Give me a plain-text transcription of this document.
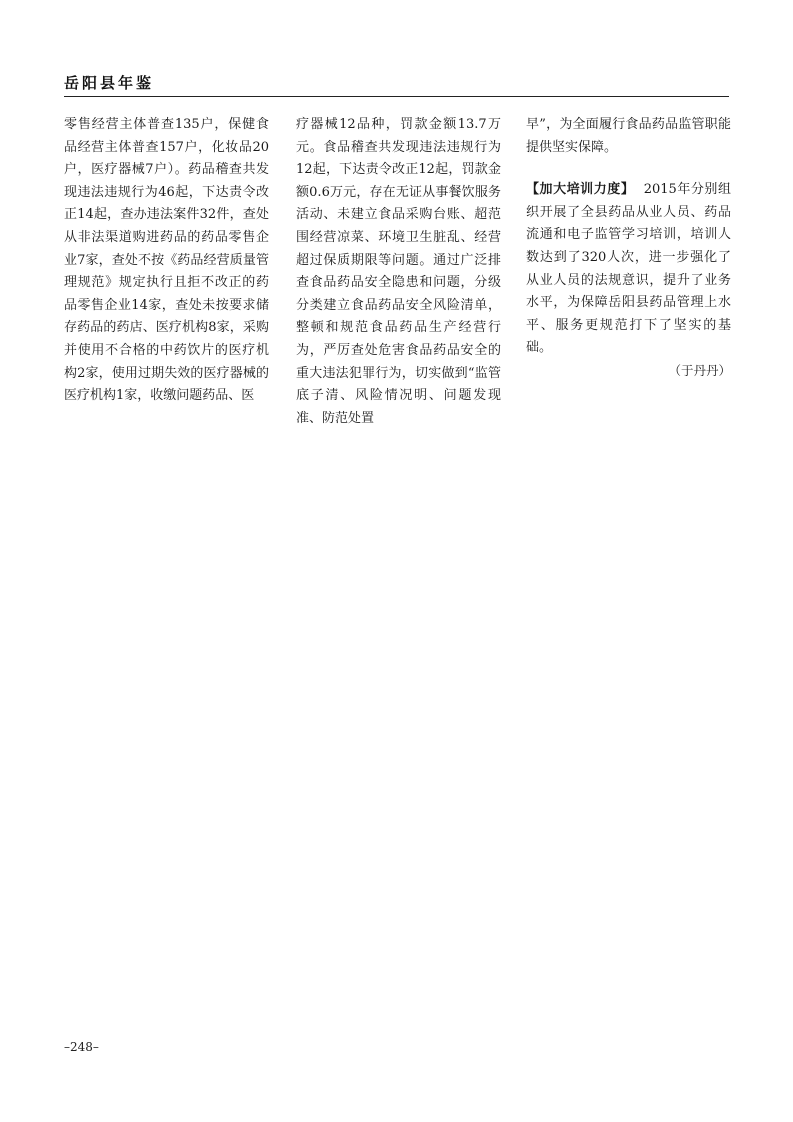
岳阳县年鉴

零售经营主体普查135户，保健食品经营主体普查157户，化妆品20户，医疗器械7户）。药品稽查共发现违法违规行为46起，下达责令改正14起，查办违法案件32件，查处从非法渠道购进药品的药品零售企业7家，查处不按《药品经营质量管理规范》规定执行且拒不改正的药品零售企业14家，查处未按要求储存药品的药店、医疗机构8家，采购并使用不合格的中药饮片的医疗机构2家，使用过期失效的医疗器械的医疗机构1家，收缴问题药品、医

疗器械12品种，罚款金额13.7万元。食品稽查共发现违法违规行为12起，下达责令改正12起，罚款金额0.6万元，存在无证从事餐饮服务活动、未建立食品采购台账、超范围经营凉菜、环境卫生脏乱、经营超过保质期限等问题。通过广泛排查食品药品安全隐患和问题，分级分类建立食品药品安全风险清单，整顿和规范食品药品生产经营行为，严厉查处危害食品药品安全的重大违法犯罪行为，切实做到“监管底子清、风险情况明、问题发现准、防范处置

早”，为全面履行食品药品监管职能提供坚实保障。

【加大培训力度】 2015年分别组织开展了全县药品从业人员、药品流通和电子监管学习培训，培训人数达到了320人次，进一步强化了从业人员的法规意识，提升了业务水平，为保障岳阳县药品管理上水平、服务更规范打下了坚实的基础。

（于丹丹）

–248–
